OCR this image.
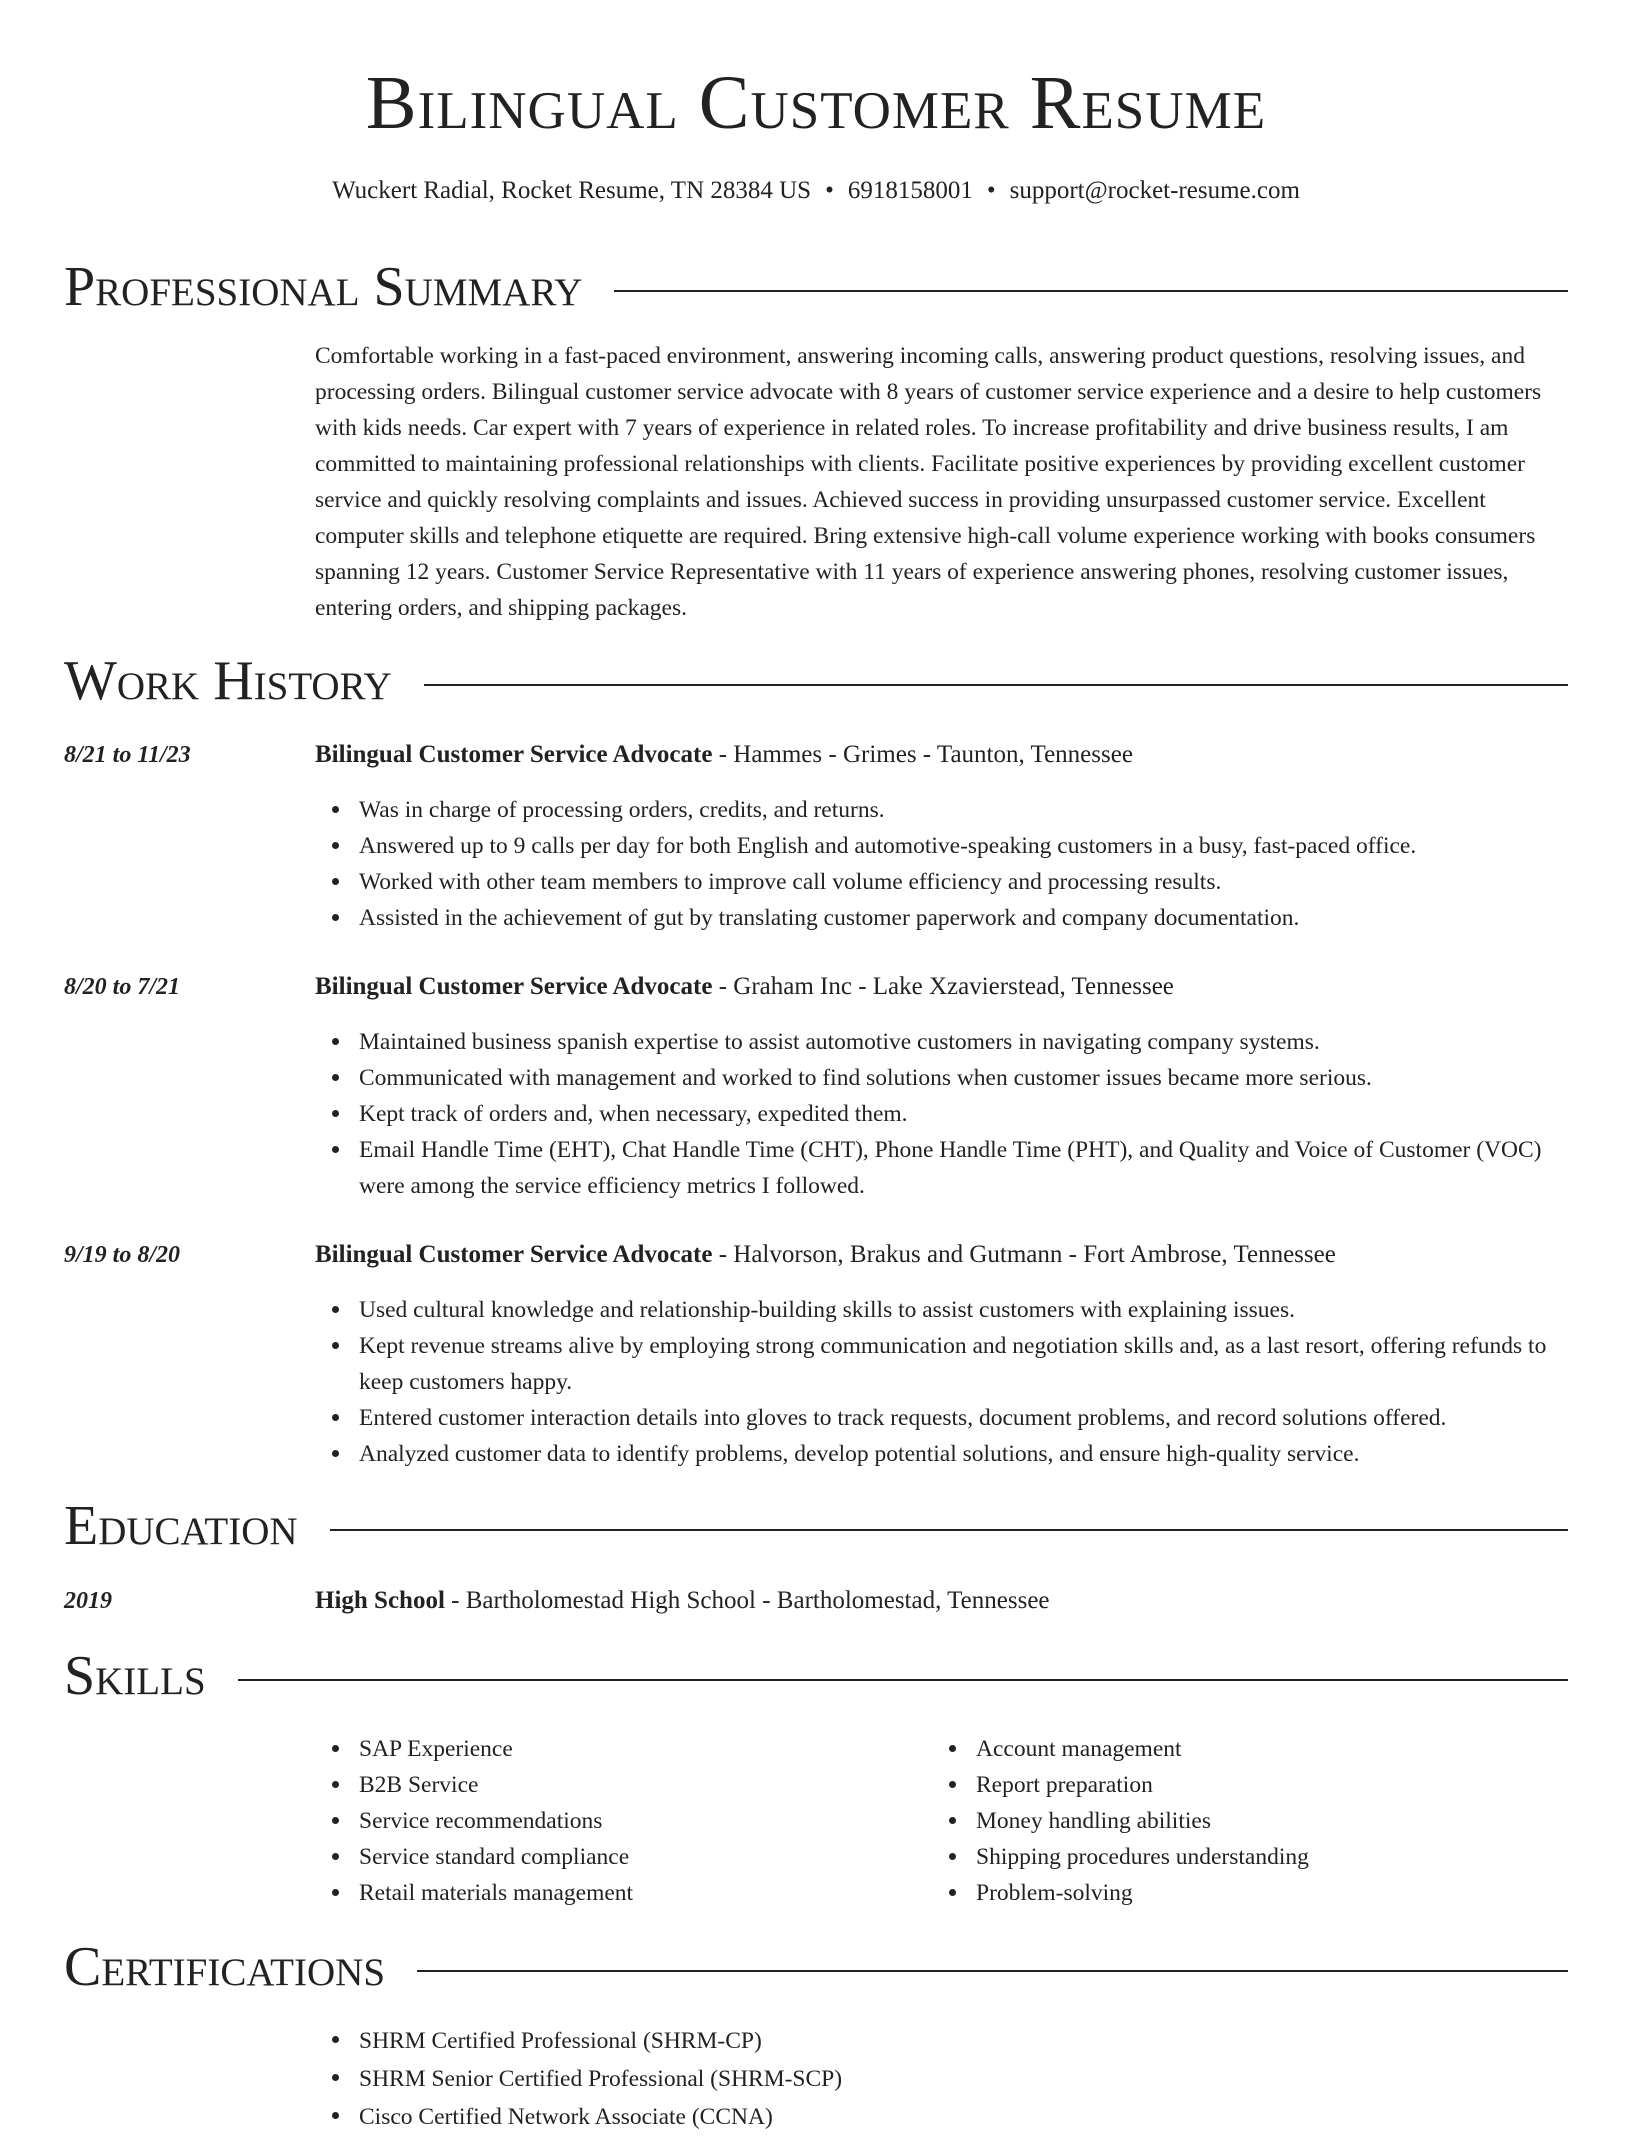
Bilingual Customer Resume
Wuckert Radial, Rocket Resume, TN 28384 US • 6918158001 • support@rocket-resume.com
Professional Summary

Comfortable working in a fast-paced environment, answering incoming calls, answering product questions, resolving issues, and processing orders. Bilingual customer service advocate with 8 years of customer service experience and a desire to help customers with kids needs. Car expert with 7 years of experience in related roles. To increase profitability and drive business results, I am committed to maintaining professional relationships with clients. Facilitate positive experiences by providing excellent customer service and quickly resolving complaints and issues. Achieved success in providing unsurpassed customer service. Excellent computer skills and telephone etiquette are required. Bring extensive high-call volume experience working with books consumers spanning 12 years. Customer Service Representative with 11 years of experience answering phones, resolving customer issues, entering orders, and shipping packages.

Work History
8/21 to 11/23	Bilingual Customer Service Advocate - Hammes - Grimes - Taunton, Tennessee
Was in charge of processing orders, credits, and returns.
Answered up to 9 calls per day for both English and automotive-speaking customers in a busy, fast-paced office.
Worked with other team members to improve call volume efficiency and processing results.
Assisted in the achievement of gut by translating customer paperwork and company documentation.
8/20 to 7/21	Bilingual Customer Service Advocate - Graham Inc - Lake Xzavierstead, Tennessee
Maintained business spanish expertise to assist automotive customers in navigating company systems.
Communicated with management and worked to find solutions when customer issues became more serious.
Kept track of orders and, when necessary, expedited them.
Email Handle Time (EHT), Chat Handle Time (CHT), Phone Handle Time (PHT), and Quality and Voice of Customer (VOC) were among the service efficiency metrics I followed.
9/19 to 8/20	Bilingual Customer Service Advocate - Halvorson, Brakus and Gutmann - Fort Ambrose, Tennessee
Used cultural knowledge and relationship-building skills to assist customers with explaining issues.
Kept revenue streams alive by employing strong communication and negotiation skills and, as a last resort, offering refunds to keep customers happy.
Entered customer interaction details into gloves to track requests, document problems, and record solutions offered.
Analyzed customer data to identify problems, develop potential solutions, and ensure high-quality service.
Education
2019	High School - Bartholomestad High School - Bartholomestad, Tennessee
Skills
SAP Experience
B2B Service
Service recommendations
Service standard compliance
Retail materials management
Account management
Report preparation
Money handling abilities
Shipping procedures understanding
Problem-solving
Certifications
SHRM Certified Professional (SHRM-CP)
SHRM Senior Certified Professional (SHRM-SCP)
Cisco Certified Network Associate (CCNA)
